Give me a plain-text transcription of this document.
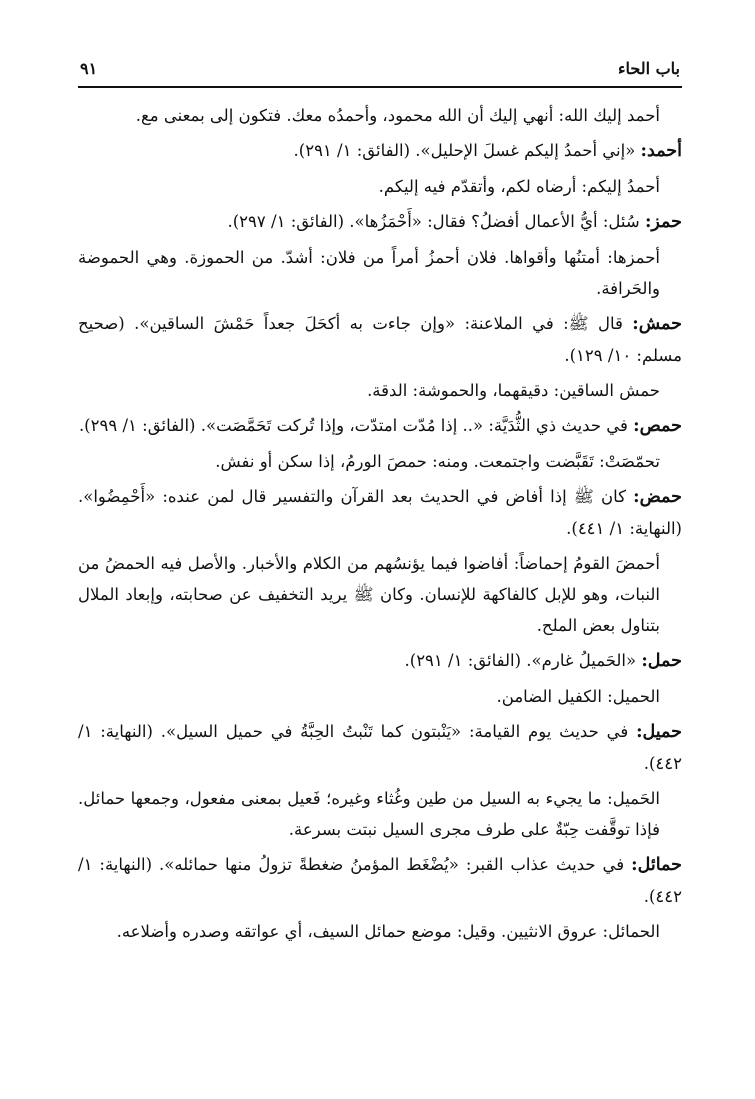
باب الحاء
٩١

أحمد إليك الله: أنهي إليك أن الله محمود، وأحمدُه معك. فتكون إلى بمعنى مع.

أحمد: «إني أحمدُ إليكم غسلَ الإحليل». (الفائق: ١/ ٢٩١).

أحمدُ إليكم: أرضاه لكم، وأتقدّم فيه إليكم.

حمز: سُئل: أيُّ الأعمال أفضلُ؟ فقال: «أَحْمَزُها». (الفائق: ١/ ٢٩٧).

أحمزها: أمتنُها وأقواها. فلان أحمزُ أمراً من فلان: أشدّ. من الحموزة. وهي الحموضة والحَرافة.

حمش: قال ﷺ: في الملاعنة: «وإن جاءت به أكحَلَ جعداً حَمْشَ الساقين». (صحيح مسلم: ١٠/ ١٢٩).

حمش الساقين: دقيقهما، والحموشة: الدقة.

حمص: في حديث ذي الثُّدَيَّة: «.. إذا مُدّت امتدّت، وإذا تُركت تَحَمَّصَت». (الفائق: ١/ ٢٩٩).

تحمّصَتْ: تَقَبَّضت واجتمعت. ومنه: حمصَ الورمُ، إذا سكن أو نفش.

حمض: كان ﷺ إذا أفاض في الحديث بعد القرآن والتفسير قال لمن عنده: «أَحْمِضُوا». (النهاية: ١/ ٤٤١).

أحمضَ القومُ إحماضاً: أفاضوا فيما يؤنسُهم من الكلام والأخبار. والأصل فيه الحمضُ من النبات، وهو للإبل كالفاكهة للإنسان. وكان ﷺ يريد التخفيف عن صحابته، وإبعاد الملال بتناول بعض الملح.

حمل: «الحَميلُ غارم». (الفائق: ١/ ٢٩١).

الحميل: الكفيل الضامن.

حميل: في حديث يوم القيامة: «يَنْبتون كما تَنْبتُ الحِبَّةُ في حميل السيل». (النهاية: ١/ ٤٤٢).

الحَميل: ما يجيء به السيل من طين وغُثاء وغيره؛ فَعيل بمعنى مفعول، وجمعها حمائل. فإذا توقَّفت حِبّةٌ على طرف مجرى السيل نبتت بسرعة.

حمائل: في حديث عذاب القبر: «يُضْغَط المؤمنُ ضغطةً تزولُ منها حمائله». (النهاية: ١/ ٤٤٢).

الحمائل: عروق الانثيين. وقيل: موضع حمائل السيف، أي عواتقه وصدره وأضلاعه.
